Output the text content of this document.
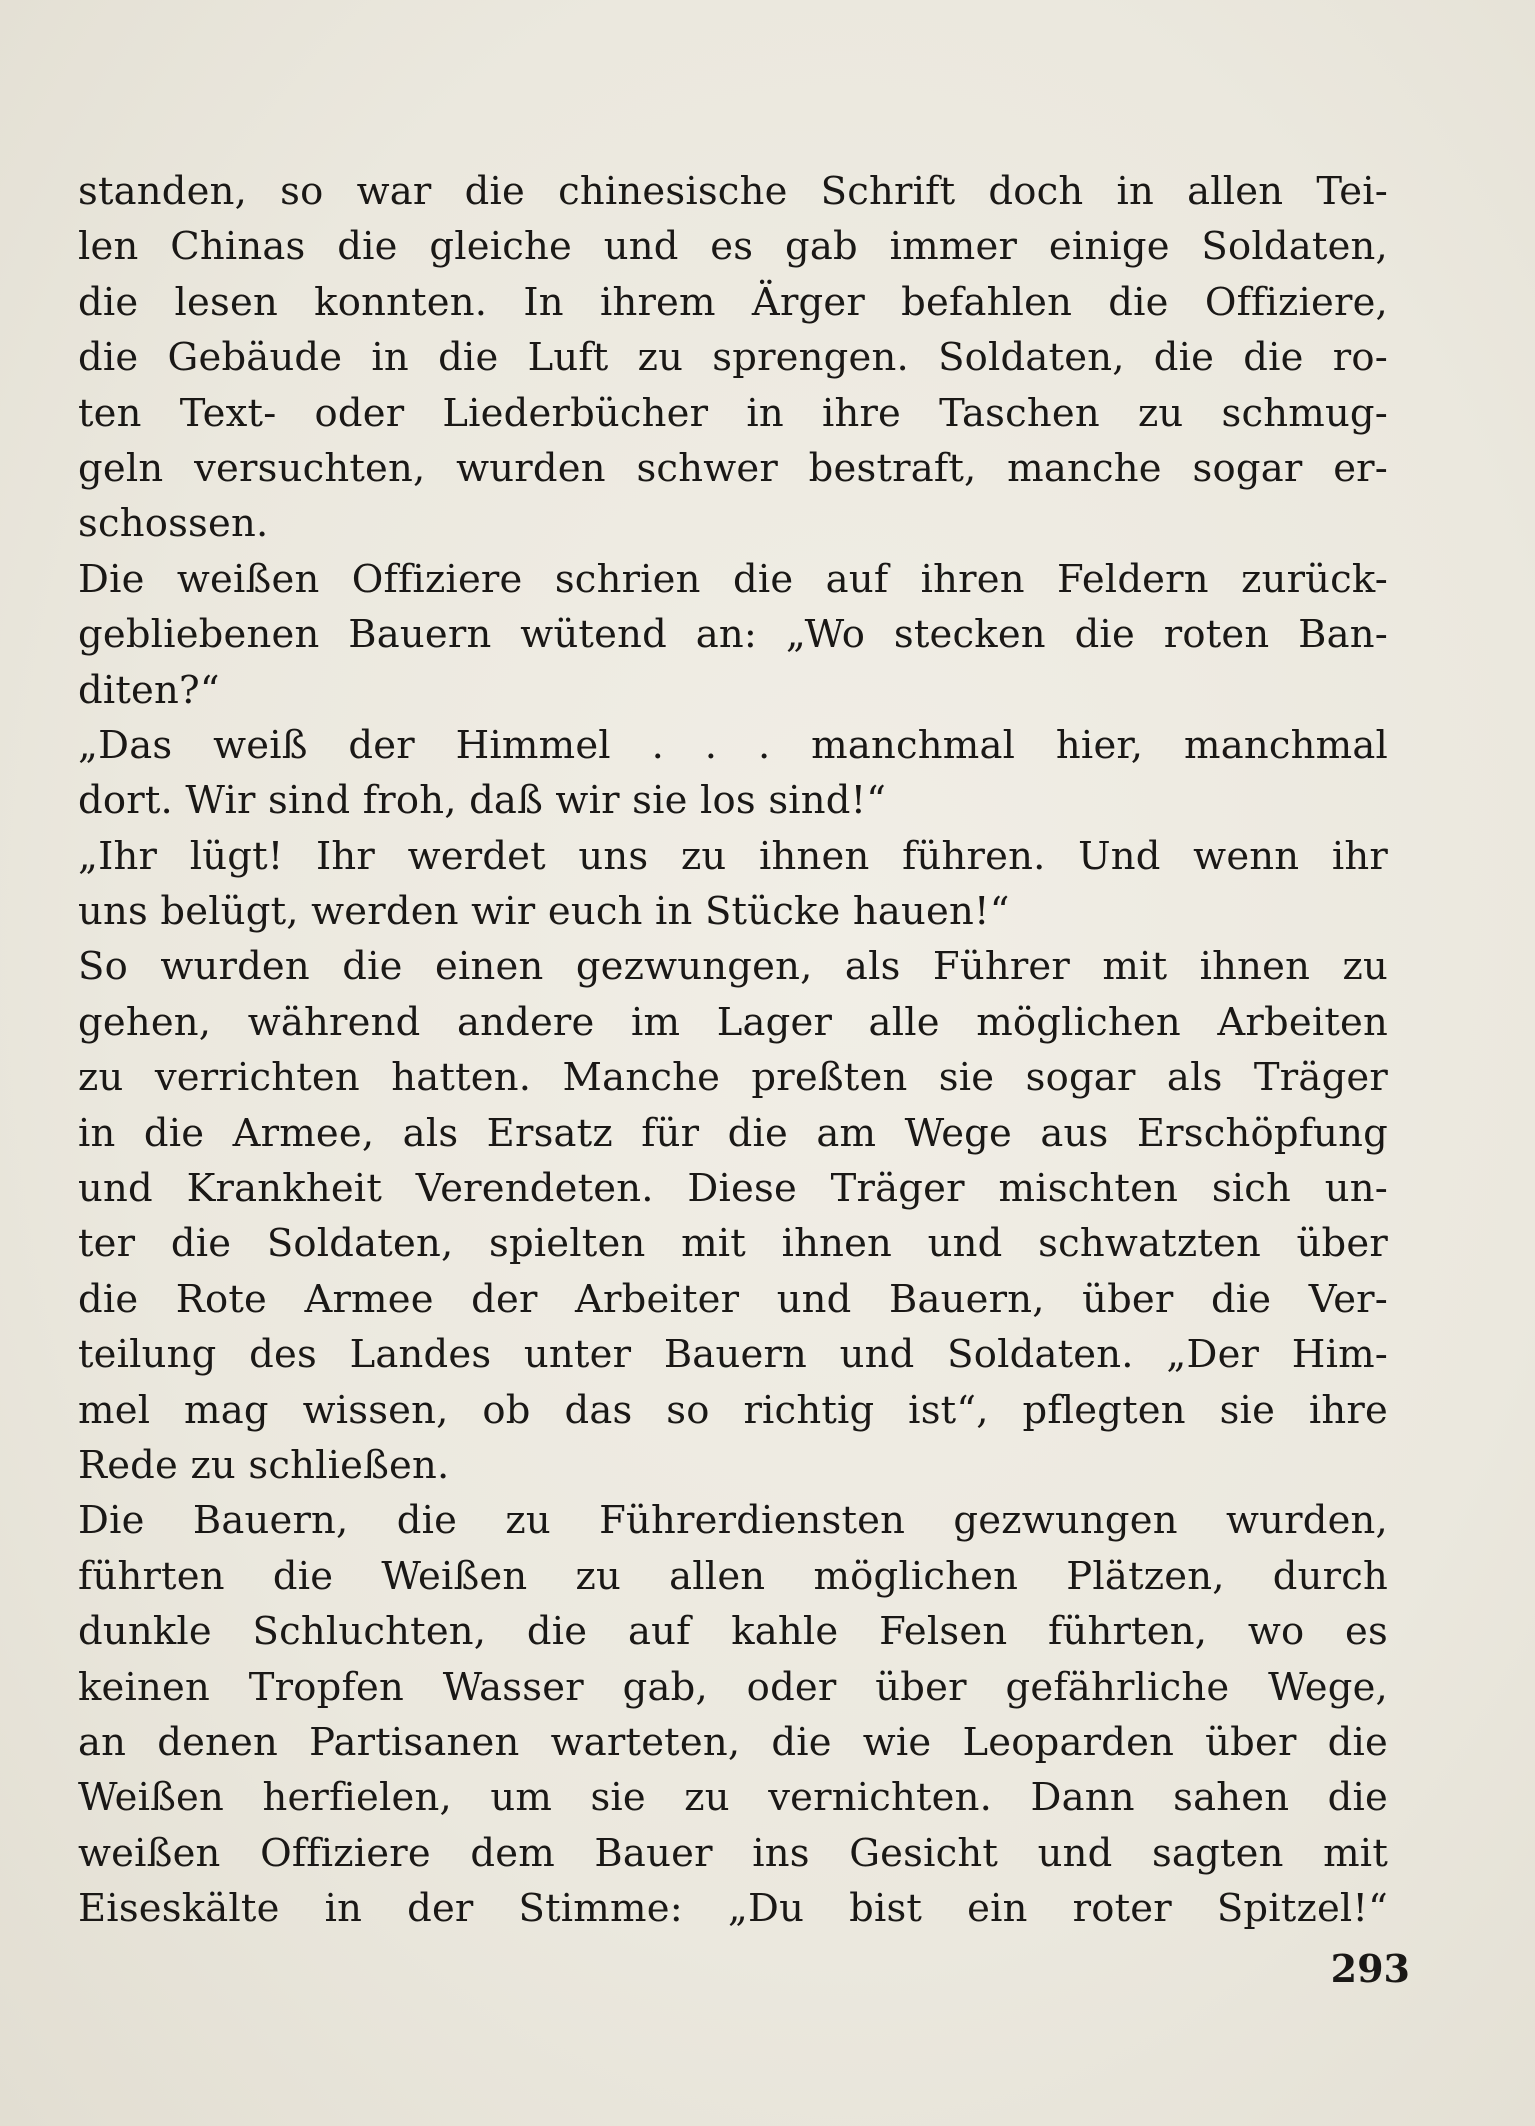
standen, so war die chinesische Schrift doch in allen Tei-
len Chinas die gleiche und es gab immer einige Soldaten,
die lesen konnten. In ihrem Ärger befahlen die Offiziere,
die Gebäude in die Luft zu sprengen. Soldaten, die die ro-
ten Text- oder Liederbücher in ihre Taschen zu schmug-
geln versuchten, wurden schwer bestraft, manche sogar er-
schossen.
Die weißen Offiziere schrien die auf ihren Feldern zurück-
gebliebenen Bauern wütend an: „Wo stecken die roten Ban-
diten?“
„Das weiß der Himmel . . . manchmal hier, manchmal
dort. Wir sind froh, daß wir sie los sind!“
„Ihr lügt! Ihr werdet uns zu ihnen führen. Und wenn ihr
uns belügt, werden wir euch in Stücke hauen!“
So wurden die einen gezwungen, als Führer mit ihnen zu
gehen, während andere im Lager alle möglichen Arbeiten
zu verrichten hatten. Manche preßten sie sogar als Träger
in die Armee, als Ersatz für die am Wege aus Erschöpfung
und Krankheit Verendeten. Diese Träger mischten sich un-
ter die Soldaten, spielten mit ihnen und schwatzten über
die Rote Armee der Arbeiter und Bauern, über die Ver-
teilung des Landes unter Bauern und Soldaten. „Der Him-
mel mag wissen, ob das so richtig ist“, pflegten sie ihre
Rede zu schließen.
Die Bauern, die zu Führerdiensten gezwungen wurden,
führten die Weißen zu allen möglichen Plätzen, durch
dunkle Schluchten, die auf kahle Felsen führten, wo es
keinen Tropfen Wasser gab, oder über gefährliche Wege,
an denen Partisanen warteten, die wie Leoparden über die
Weißen herfielen, um sie zu vernichten. Dann sahen die
weißen Offiziere dem Bauer ins Gesicht und sagten mit
Eiseskälte in der Stimme: „Du bist ein roter Spitzel!“
293
